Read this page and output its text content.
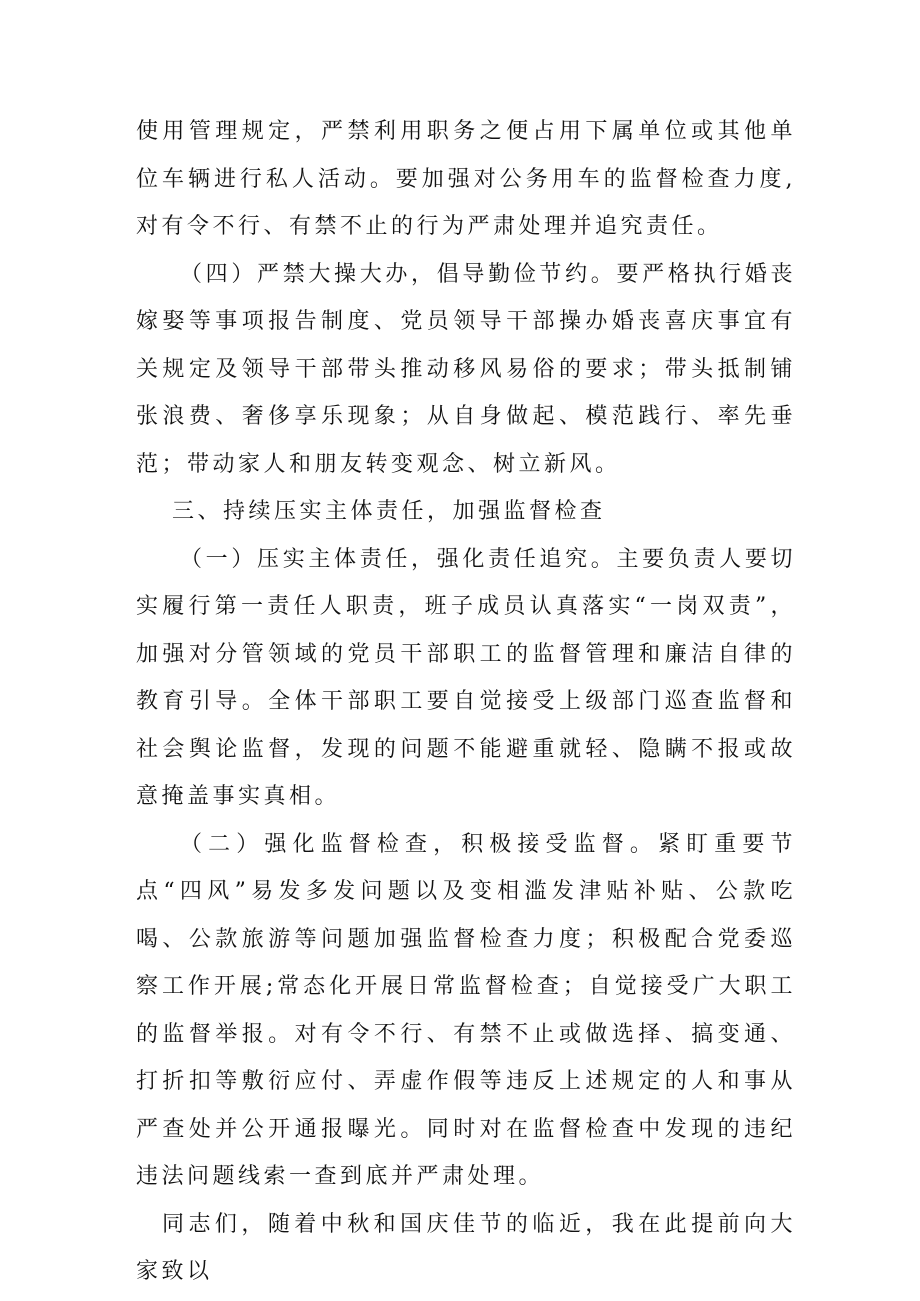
使用管理规定，严禁利用职务之便占用下属单位或其他单位车辆进行私人活动。要加强对公务用车的监督检查力度,对有令不行、有禁不止的行为严肃处理并追究责任。

（四）严禁大操大办，倡导勤俭节约。要严格执行婚丧嫁娶等事项报告制度、党员领导干部操办婚丧喜庆事宜有关规定及领导干部带头推动移风易俗的要求；带头抵制铺张浪费、奢侈享乐现象；从自身做起、模范践行、率先垂范；带动家人和朋友转变观念、树立新风。

三、持续压实主体责任，加强监督检查

（一）压实主体责任，强化责任追究。主要负责人要切实履行第一责任人职责，班子成员认真落实“一岗双责”，加强对分管领域的党员干部职工的监督管理和廉洁自律的教育引导。全体干部职工要自觉接受上级部门巡查监督和社会舆论监督，发现的问题不能避重就轻、隐瞒不报或故意掩盖事实真相。

（二）强化监督检查，积极接受监督。紧盯重要节点“四风”易发多发问题以及变相滥发津贴补贴、公款吃喝、公款旅游等问题加强监督检查力度；积极配合党委巡察工作开展;常态化开展日常监督检查；自觉接受广大职工的监督举报。对有令不行、有禁不止或做选择、搞变通、打折扣等敷衍应付、弄虚作假等违反上述规定的人和事从严查处并公开通报曝光。同时对在监督检查中发现的违纪违法问题线索一查到底并严肃处理。

同志们，随着中秋和国庆佳节的临近，我在此提前向大家致以
